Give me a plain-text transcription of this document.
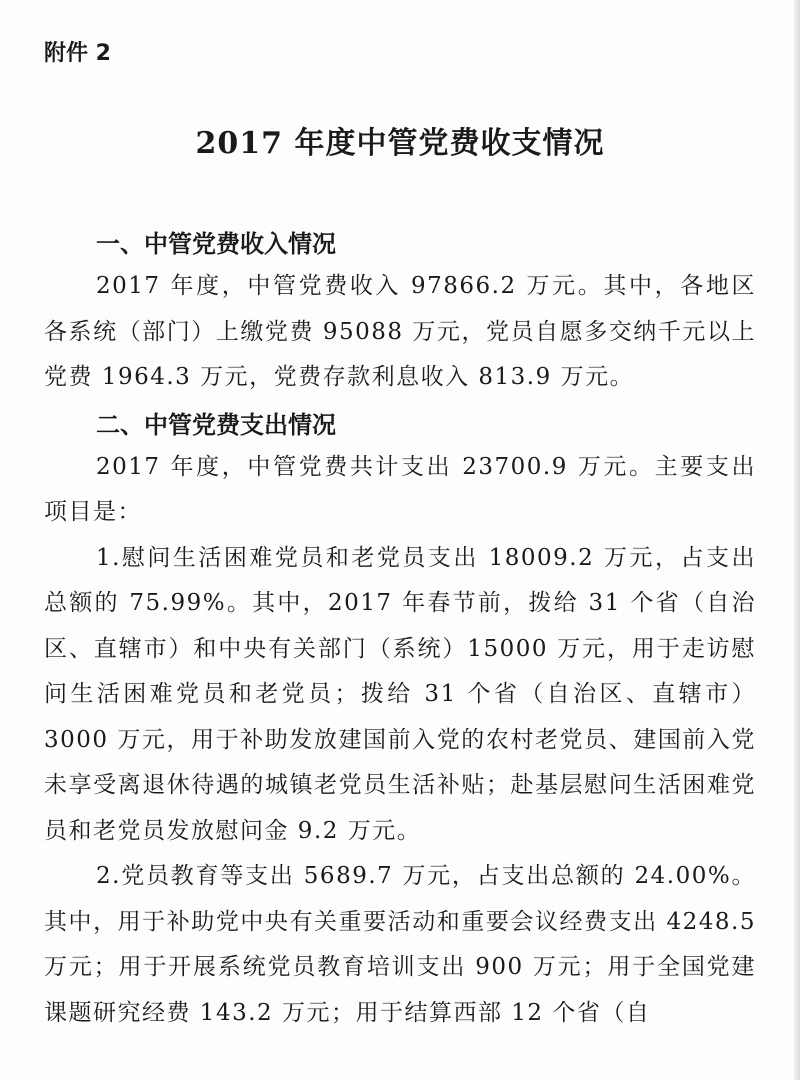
附件 2

2017 年度中管党费收支情况
一、中管党费收入情况

2017 年度，中管党费收入 97866.2 万元。其中，各地区各系统（部门）上缴党费 95088 万元，党员自愿多交纳千元以上党费 1964.3 万元，党费存款利息收入 813.9 万元。

二、中管党费支出情况

2017 年度，中管党费共计支出 23700.9 万元。主要支出项目是：

1.慰问生活困难党员和老党员支出 18009.2 万元，占支出总额的 75.99%。其中，2017 年春节前，拨给 31 个省（自治区、直辖市）和中央有关部门（系统）15000 万元，用于走访慰问生活困难党员和老党员；拨给 31 个省（自治区、直辖市）3000 万元，用于补助发放建国前入党的农村老党员、建国前入党未享受离退休待遇的城镇老党员生活补贴；赴基层慰问生活困难党员和老党员发放慰问金 9.2 万元。

2.党员教育等支出 5689.7 万元，占支出总额的 24.00%。其中，用于补助党中央有关重要活动和重要会议经费支出 4248.5 万元；用于开展系统党员教育培训支出 900 万元；用于全国党建课题研究经费 143.2 万元；用于结算西部 12 个省（自
